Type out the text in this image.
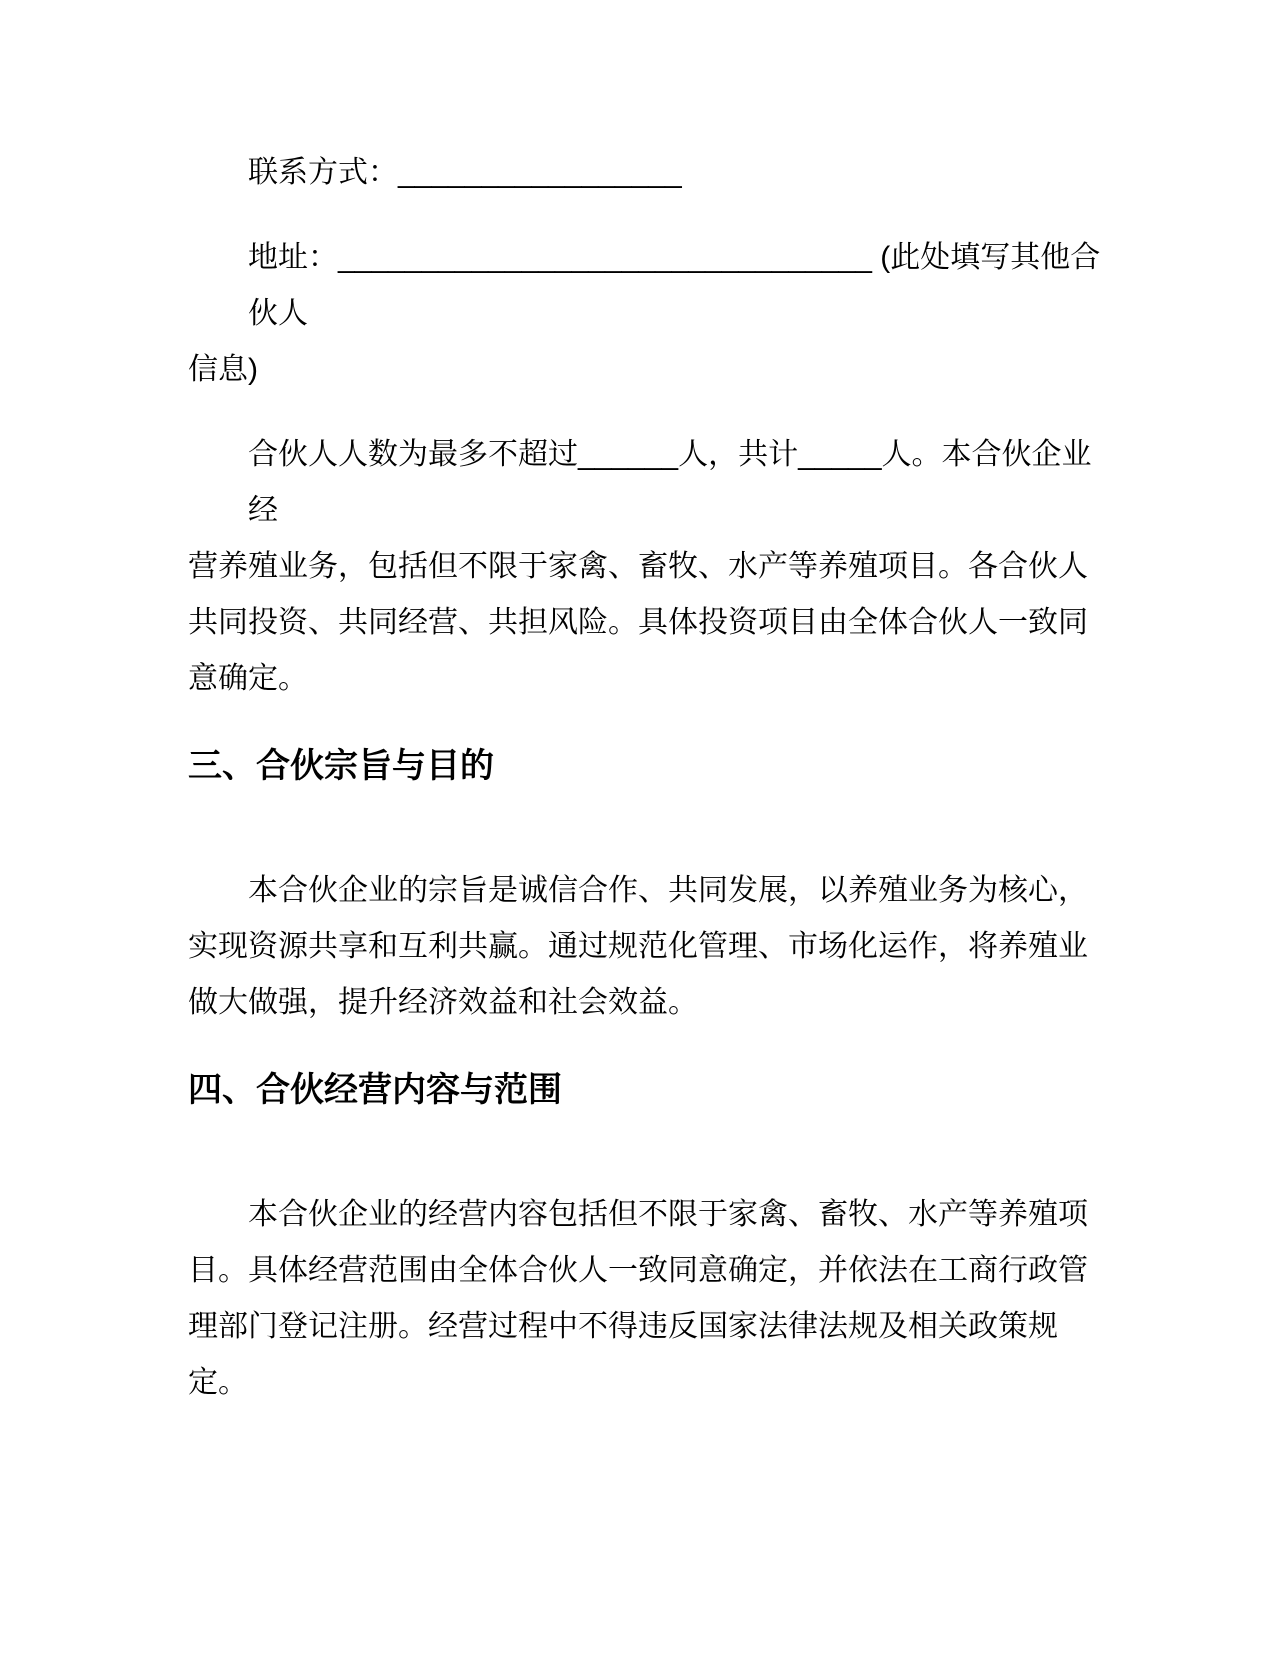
联系方式：_________________
地址：________________________________ (此处填写其他合伙人
信息)
合伙人人数为最多不超过______人，共计_____人。本合伙企业经
营养殖业务，包括但不限于家禽、畜牧、水产等养殖项目。各合伙人
共同投资、共同经营、共担风险。具体投资项目由全体合伙人一致同
意确定。
三、合伙宗旨与目的
本合伙企业的宗旨是诚信合作、共同发展，以养殖业务为核心，
实现资源共享和互利共赢。通过规范化管理、市场化运作，将养殖业
做大做强，提升经济效益和社会效益。
四、合伙经营内容与范围
本合伙企业的经营内容包括但不限于家禽、畜牧、水产等养殖项
目。具体经营范围由全体合伙人一致同意确定，并依法在工商行政管
理部门登记注册。经营过程中不得违反国家法律法规及相关政策规
定。
